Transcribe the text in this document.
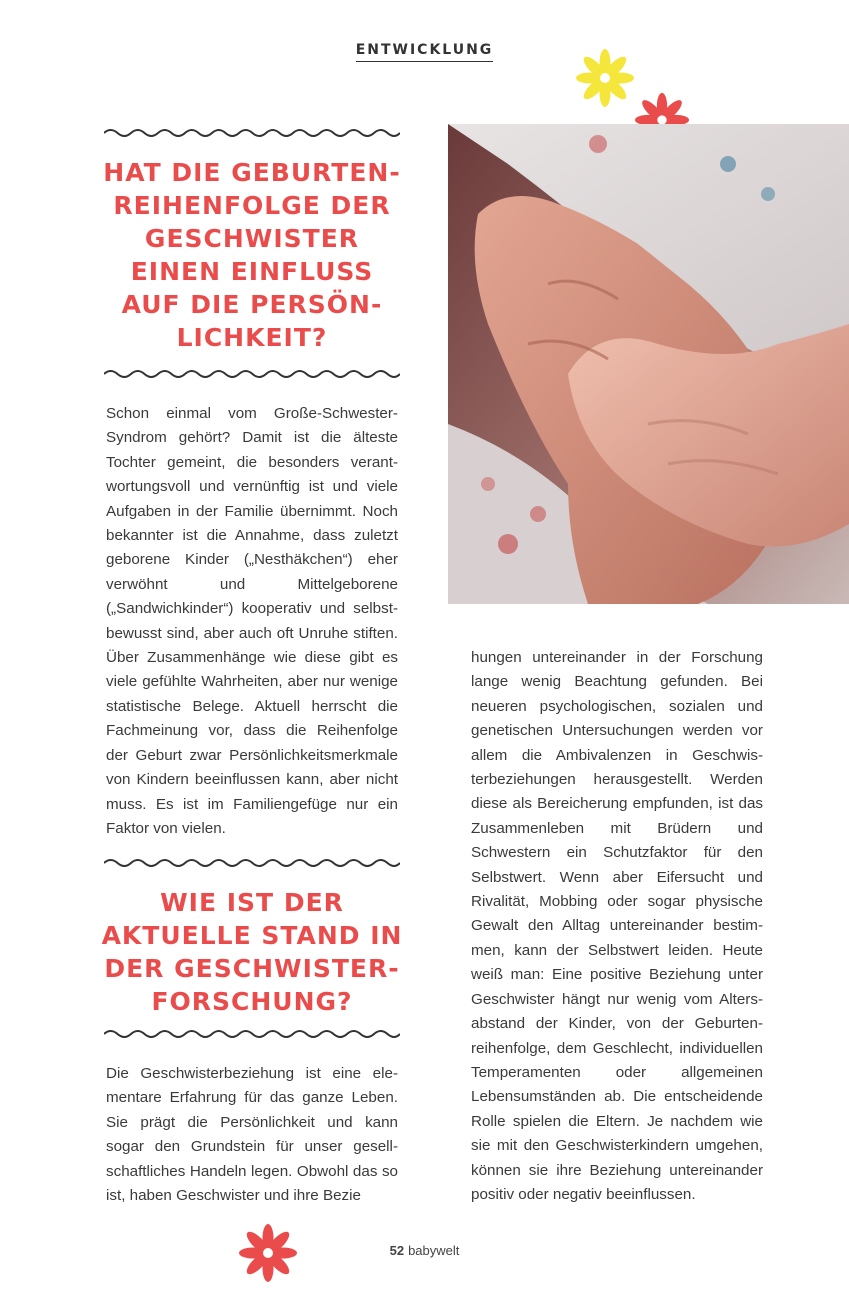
ENTWICKLUNG
HAT DIE GEBURTEN-
REIHENFOLGE DER
GESCHWISTER
EINEN EINFLUSS
AUF DIE PERSÖN-
LICHKEIT?

Schon einmal vom Große-Schwester-Syndrom gehört? Damit ist die älteste Tochter gemeint, die besonders verantwortungsvoll und vernünftig ist und viele Aufgaben in der Familie übernimmt. Noch bekannter ist die Annahme, dass zuletzt geborene Kinder („Nesthäkchen“) eher verwöhnt und Mittelgeborene („Sandwichkinder“) kooperativ und selbstbewusst sind, aber auch oft Unruhe stiften. Über Zusammenhänge wie diese gibt es viele gefühlte Wahrheiten, aber nur wenige statistische Belege. Aktuell herrscht die Fachmeinung vor, dass die Reihenfolge der Geburt zwar Persönlichkeitsmerkmale von Kindern beeinflussen kann, aber nicht muss. Es ist im Familiengefüge nur ein Faktor von vielen.

WIE IST DER
AKTUELLE STAND IN
DER GESCHWISTER-
FORSCHUNG?

Die Geschwisterbeziehung ist eine elementare Erfahrung für das ganze Leben. Sie prägt die Persönlichkeit und kann sogar den Grundstein für unser gesellschaftliches Handeln legen. Obwohl das so ist, haben Geschwister und ihre Bezie

hungen untereinander in der Forschung lange wenig Beachtung gefunden. Bei neueren psychologischen, sozialen und genetischen Untersuchungen werden vor allem die Ambivalenzen in Geschwisterbeziehungen herausgestellt. Werden diese als Bereicherung empfunden, ist das Zusammenleben mit Brüdern und Schwestern ein Schutzfaktor für den Selbstwert. Wenn aber Eifersucht und Rivalität, Mobbing oder sogar physische Gewalt den Alltag untereinander bestimmen, kann der Selbstwert leiden. Heute weiß man: Eine positive Beziehung unter Geschwister hängt nur wenig vom Altersabstand der Kinder, von der Geburtenreihenfolge, dem Geschlecht, individuellen Temperamenten oder allgemeinen Lebensumständen ab. Die entscheidende Rolle spielen die Eltern. Je nachdem wie sie mit den Geschwisterkindern umgehen, können sie ihre Beziehung untereinander positiv oder negativ beeinflussen.

52 babywelt
